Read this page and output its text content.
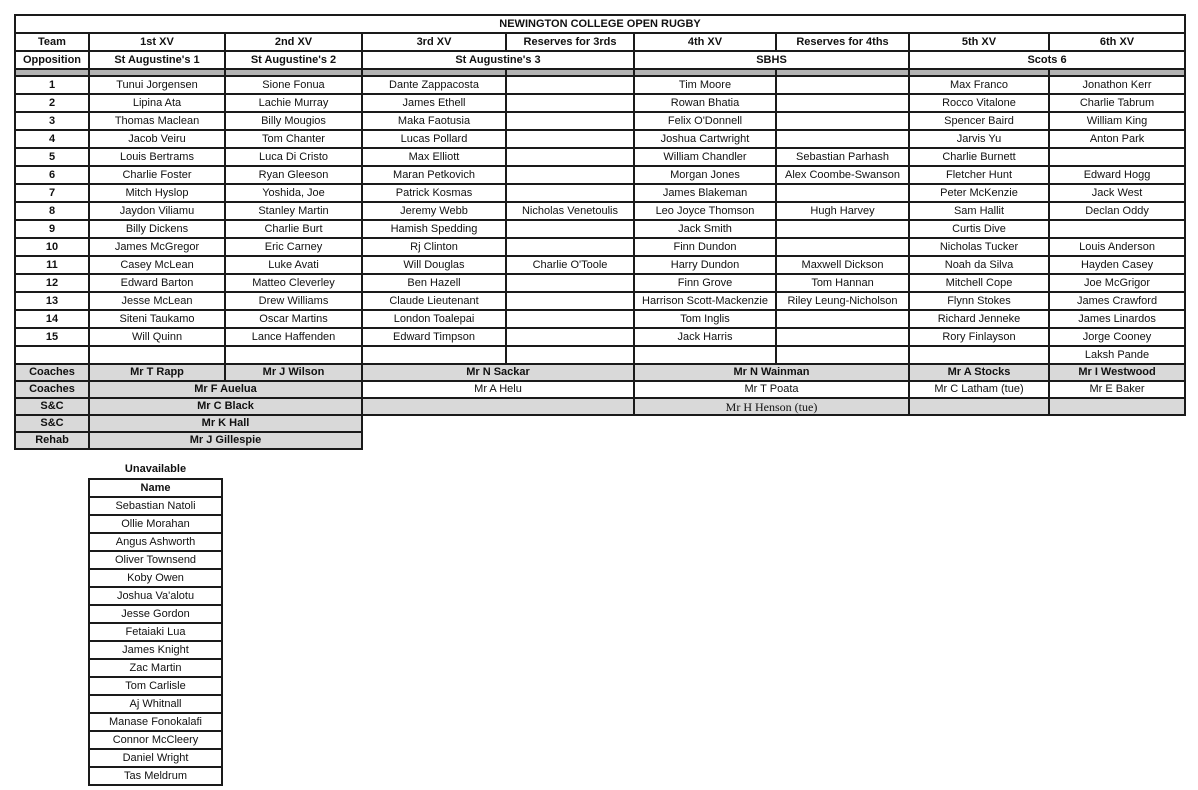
NEWINGTON COLLEGE OPEN RUGBY								
Team	1st XV	2nd XV	3rd XV	Reserves for 3rds	4th XV	Reserves for 4ths	5th XV	6th XV
Opposition	St Augustine's 1	St Augustine's 2	St Augustine's 3		SBHS		Scots 6	

1	Tunui Jorgensen	Sione Fonua	Dante Zappacosta		Tim Moore		Max Franco	Jonathon Kerr
2	Lipina Ata	Lachie Murray	James Ethell		Rowan Bhatia		Rocco Vitalone	Charlie Tabrum
3	Thomas Maclean	Billy Mougios	Maka Faotusia		Felix O'Donnell		Spencer Baird	William King
4	Jacob Veiru	Tom Chanter	Lucas Pollard		Joshua Cartwright		Jarvis Yu	Anton Park
5	Louis Bertrams	Luca Di Cristo	Max Elliott		William Chandler	Sebastian Parhash	Charlie Burnett	
6	Charlie Foster	Ryan Gleeson	Maran Petkovich		Morgan Jones	Alex Coombe-Swanson	Fletcher Hunt	Edward Hogg
7	Mitch Hyslop	Yoshida, Joe	Patrick Kosmas		James Blakeman		Peter McKenzie	Jack West
8	Jaydon Viliamu	Stanley Martin	Jeremy Webb	Nicholas Venetoulis	Leo Joyce Thomson	Hugh Harvey	Sam Hallit	Declan Oddy
9	Billy Dickens	Charlie Burt	Hamish Spedding		Jack Smith		Curtis Dive	
10	James McGregor	Eric Carney	Rj Clinton		Finn Dundon		Nicholas Tucker	Louis Anderson
11	Casey McLean	Luke Avati	Will Douglas	Charlie O'Toole	Harry Dundon	Maxwell Dickson	Noah da Silva	Hayden Casey
12	Edward Barton	Matteo Cleverley	Ben Hazell		Finn Grove	Tom Hannan	Mitchell Cope	Joe McGrigor
13	Jesse McLean	Drew Williams	Claude Lieutenant		Harrison Scott-Mackenzie	Riley Leung-Nicholson	Flynn Stokes	James Crawford
14	Siteni Taukamo	Oscar Martins	London Toalepai		Tom Inglis		Richard Jenneke	James Linardos
15	Will Quinn	Lance Haffenden	Edward Timpson		Jack Harris		Rory Finlayson	Jorge Cooney
								Laksh Pande
Coaches	Mr T Rapp	Mr J Wilson	Mr N Sackar		Mr N Wainman		Mr A Stocks	Mr I Westwood
Coaches	Mr F Auelua		Mr A Helu		Mr T Poata		Mr C Latham (tue)	Mr E Baker
S&C	Mr C Black				Mr H Henson (tue)			
S&C	Mr K Hall							
Rehab	Mr J Gillespie							
Unavailable
Name
Sebastian Natoli
Ollie Morahan
Angus Ashworth
Oliver Townsend
Koby Owen
Joshua Va'alotu
Jesse Gordon
Fetaiaki Lua
James Knight
Zac Martin
Tom Carlisle
Aj Whitnall
Manase Fonokalafi
Connor McCleery
Daniel Wright
Tas Meldrum
